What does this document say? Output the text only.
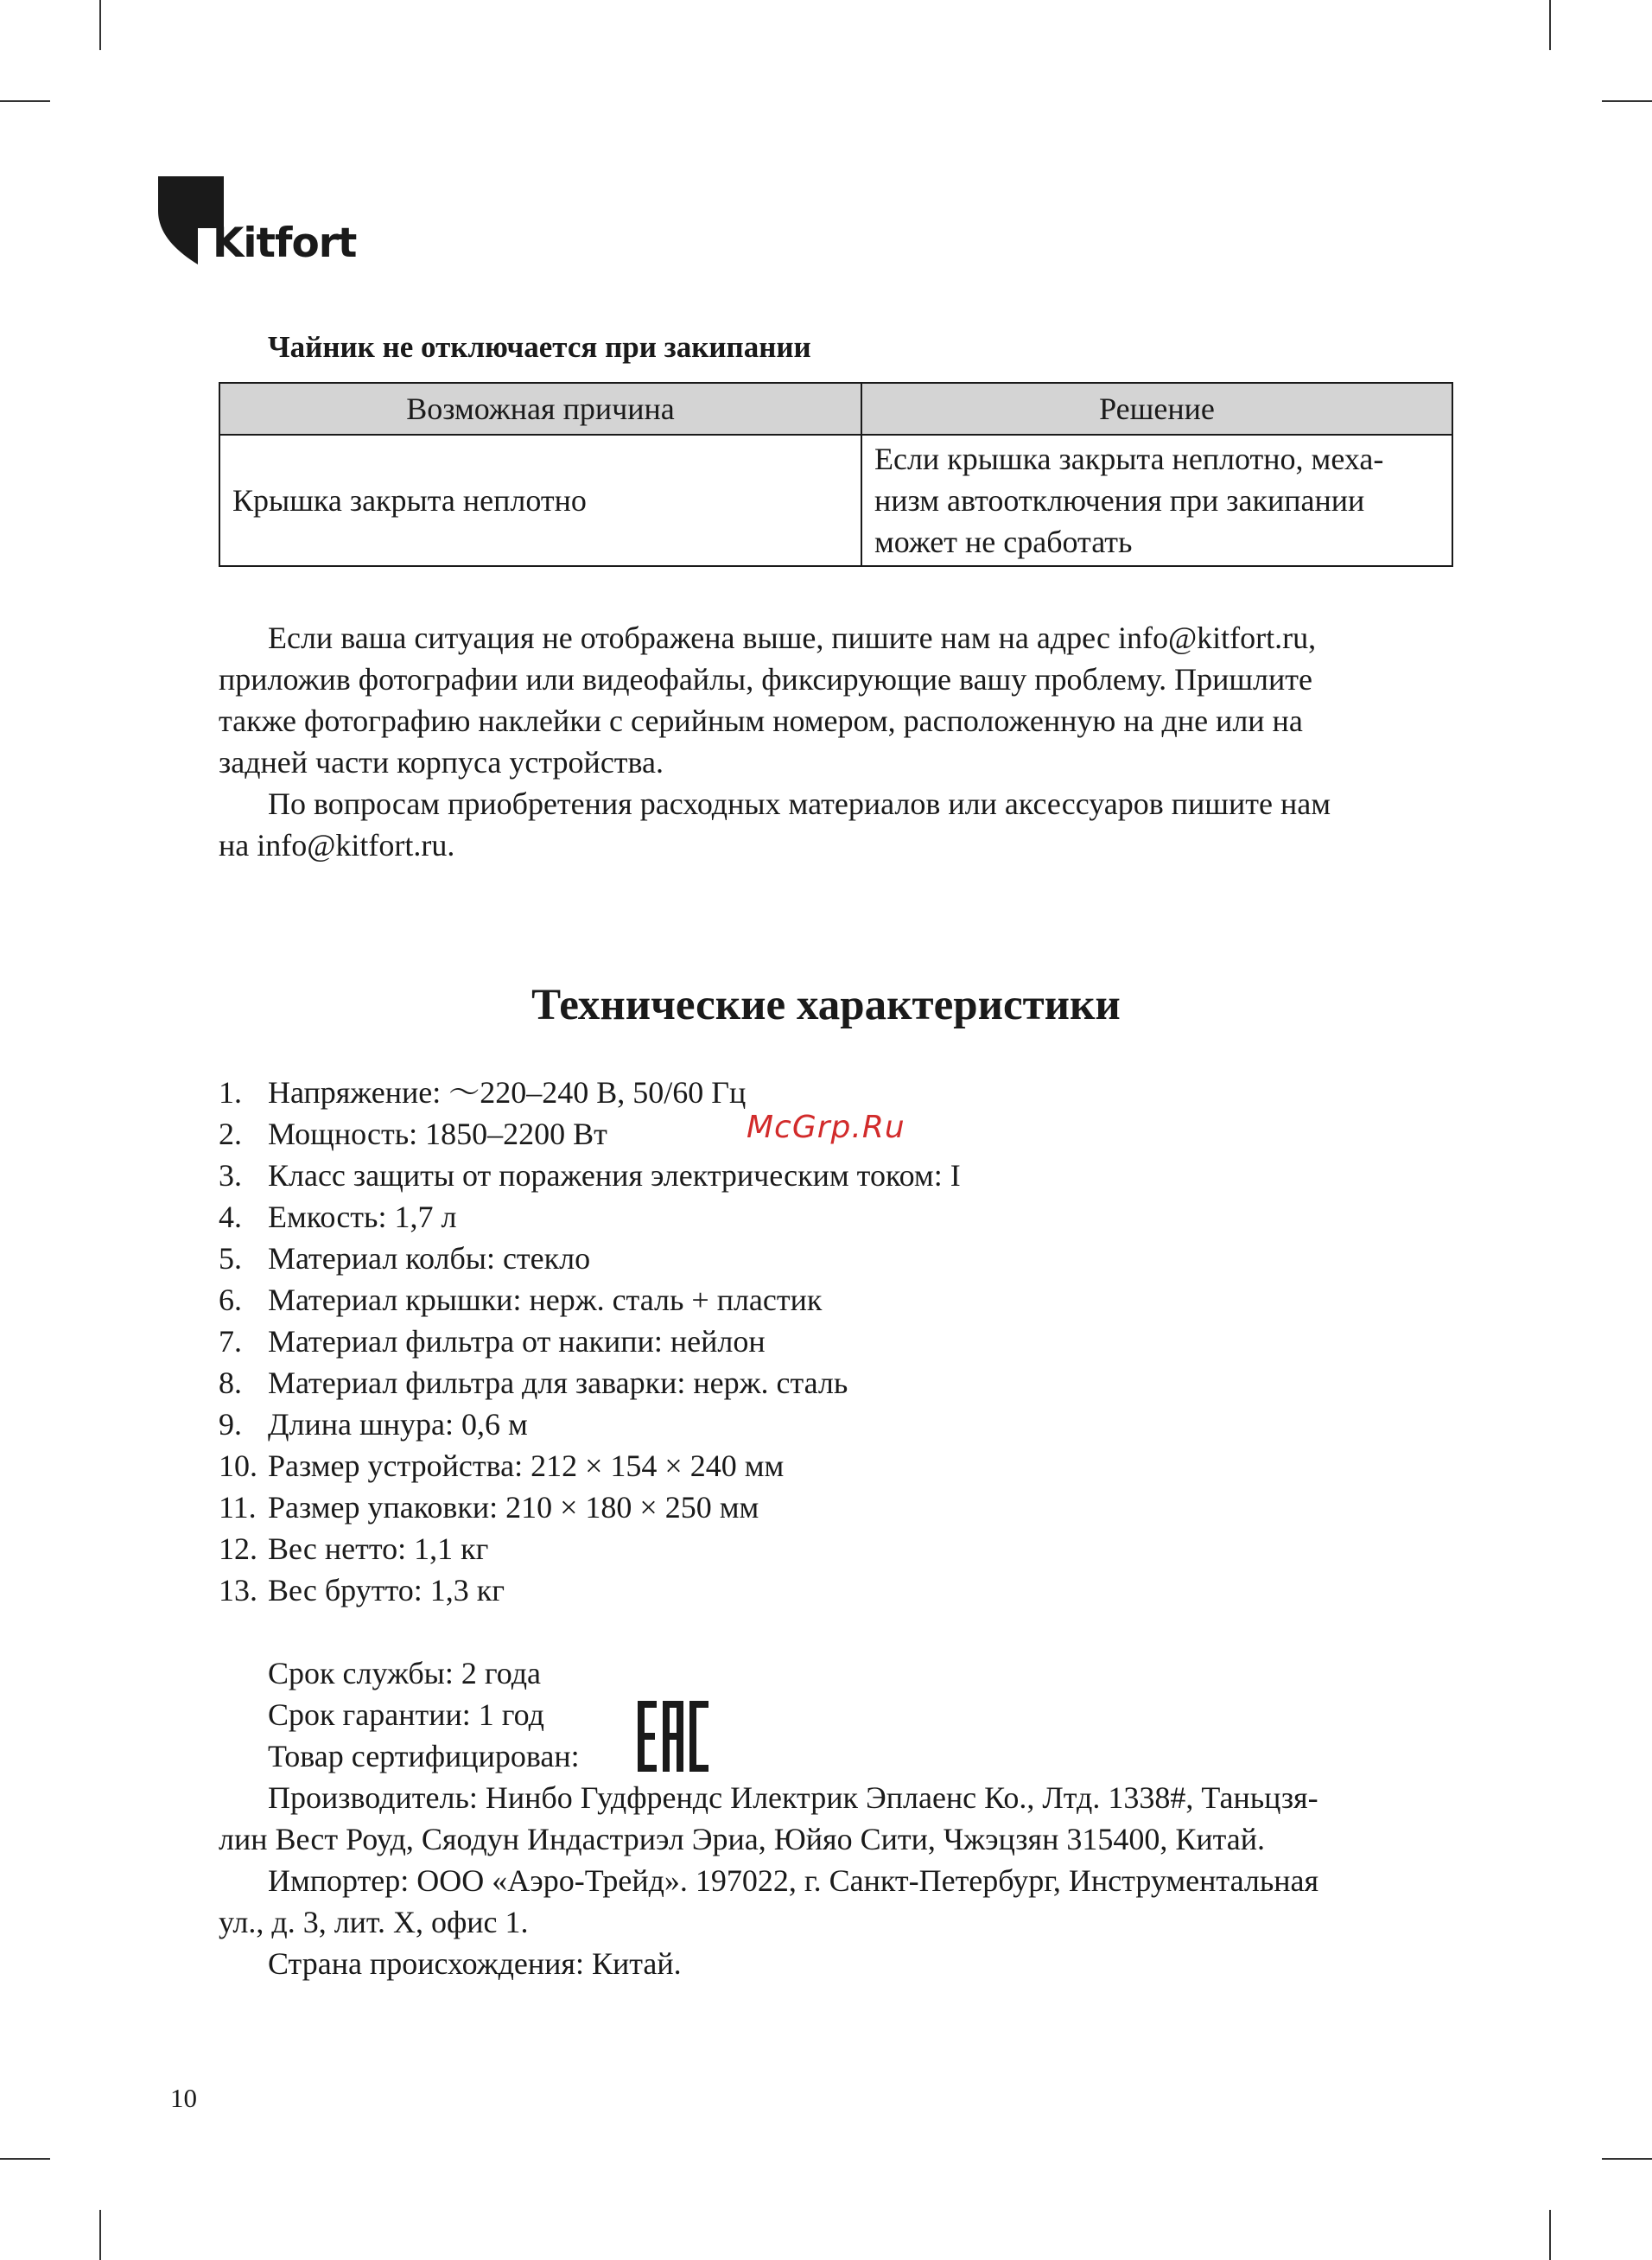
Kitfort
Чайник не отключается при закипании
Возможная причина	Решение
Крышка закрыта неплотно	Если крышка закрыта неплотно, меха-
низм автоотключения при закипании
может не сработать
Если ваша ситуация не отображена выше, пишите нам на адрес info@kitfort.ru,
приложив фотографии или видеофайлы, фиксирующие вашу проблему. Пришлите
также фотографию наклейки с серийным номером, расположенную на дне или на
задней части корпуса устройства.
По вопросам приобретения расходных материалов или аксессуаров пишите нам
на info@kitfort.ru.
Технические характеристики
1. Напряжение: ～220–240 В, 50/60 Гц
2. Мощность: 1850–2200 Вт
3. Класс защиты от поражения электрическим током: I
4. Емкость: 1,7 л
5. Материал колбы: стекло
6. Материал крышки: нерж. сталь + пластик
7. Материал фильтра от накипи: нейлон
8. Материал фильтра для заварки: нерж. сталь
9. Длина шнура: 0,6 м
10. Размер устройства: 212 × 154 × 240 мм
11. Размер упаковки: 210 × 180 × 250 мм
12. Вес нетто: 1,1 кг
13. Вес брутто: 1,3 кг
McGrp.Ru
Срок службы: 2 года
Срок гарантии: 1 год
Товар сертифицирован:
Производитель: Нинбо Гудфрендс Илектрик Эплаенс Ко., Лтд. 1338#, Таньцзя-
лин Вест Роуд, Сяодун Индастриэл Эриа, Юйяо Сити, Чжэцзян 315400, Китай.
Импортер: ООО «Аэро-Трейд». 197022, г. Санкт-Петербург, Инструментальная
ул., д. 3, лит. Х, офис 1.
Страна происхождения: Китай.
10
